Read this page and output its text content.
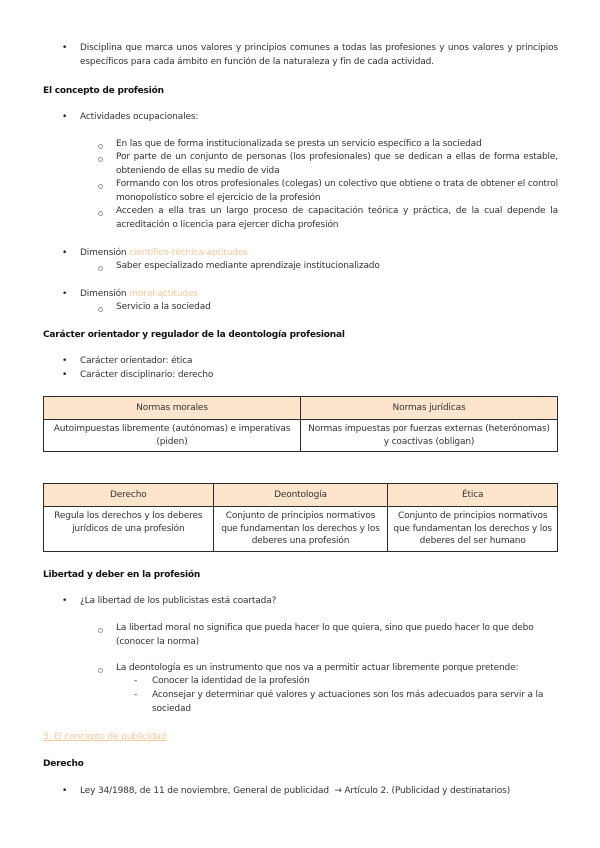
• Disciplina que marca unos valores y principios comunes a todas las profesiones y unos valores y principios específicos para cada ámbito en función de la naturaleza y fin de cada actividad.
El concepto de profesión
• Actividades ocupacionales:
En las que de forma institucionalizada se presta un servicio específico a la sociedad
Por parte de un conjunto de personas (los profesionales) que se dedican a ellas de forma estable, obteniendo de ellas su medio de vida
Formando con los otros profesionales (colegas) un colectivo que obtiene o trata de obtener el control monopolístico sobre el ejercicio de la profesión
Acceden a ella tras un largo proceso de capacitación teórica y práctica, de la cual depende la acreditación o licencia para ejercer dicha profesión
• Dimensión científico-técnica-aptitudes
Saber especializado mediante aprendizaje institucionalizado
• Dimensión moral-actitudes
Servicio a la sociedad
Carácter orientador y regulador de la deontología profesional
• Carácter orientador: ética
• Carácter disciplinario: derecho
Normas morales	Normas jurídicas
Autoimpuestas libremente (autónomas) e imperativas (piden)	Normas impuestas por fuerzas externas (heterónomas) y coactivas (obligan)
Derecho	Deontología	Ética
Regula los derechos y los deberes jurídicos de una profesión	Conjunto de principios normativos que fundamentan los derechos y los deberes una profesión	Conjunto de principios normativos que fundamentan los derechos y los deberes del ser humano
Libertad y deber en la profesión
• ¿La libertad de los publicistas está coartada?
La libertad moral no significa que pueda hacer lo que quiera, sino que puedo hacer lo que debo (conocer la norma)
La deontología es un instrumento que nos va a permitir actuar libremente porque pretende:
- Conocer la identidad de la profesión
- Aconsejar y determinar qué valores y actuaciones son los más adecuados para servir a la sociedad
3. El concepto de publicidad
Derecho
• Ley 34/1988, de 11 de noviembre, General de publicidad  → Artículo 2. (Publicidad y destinatarios)
